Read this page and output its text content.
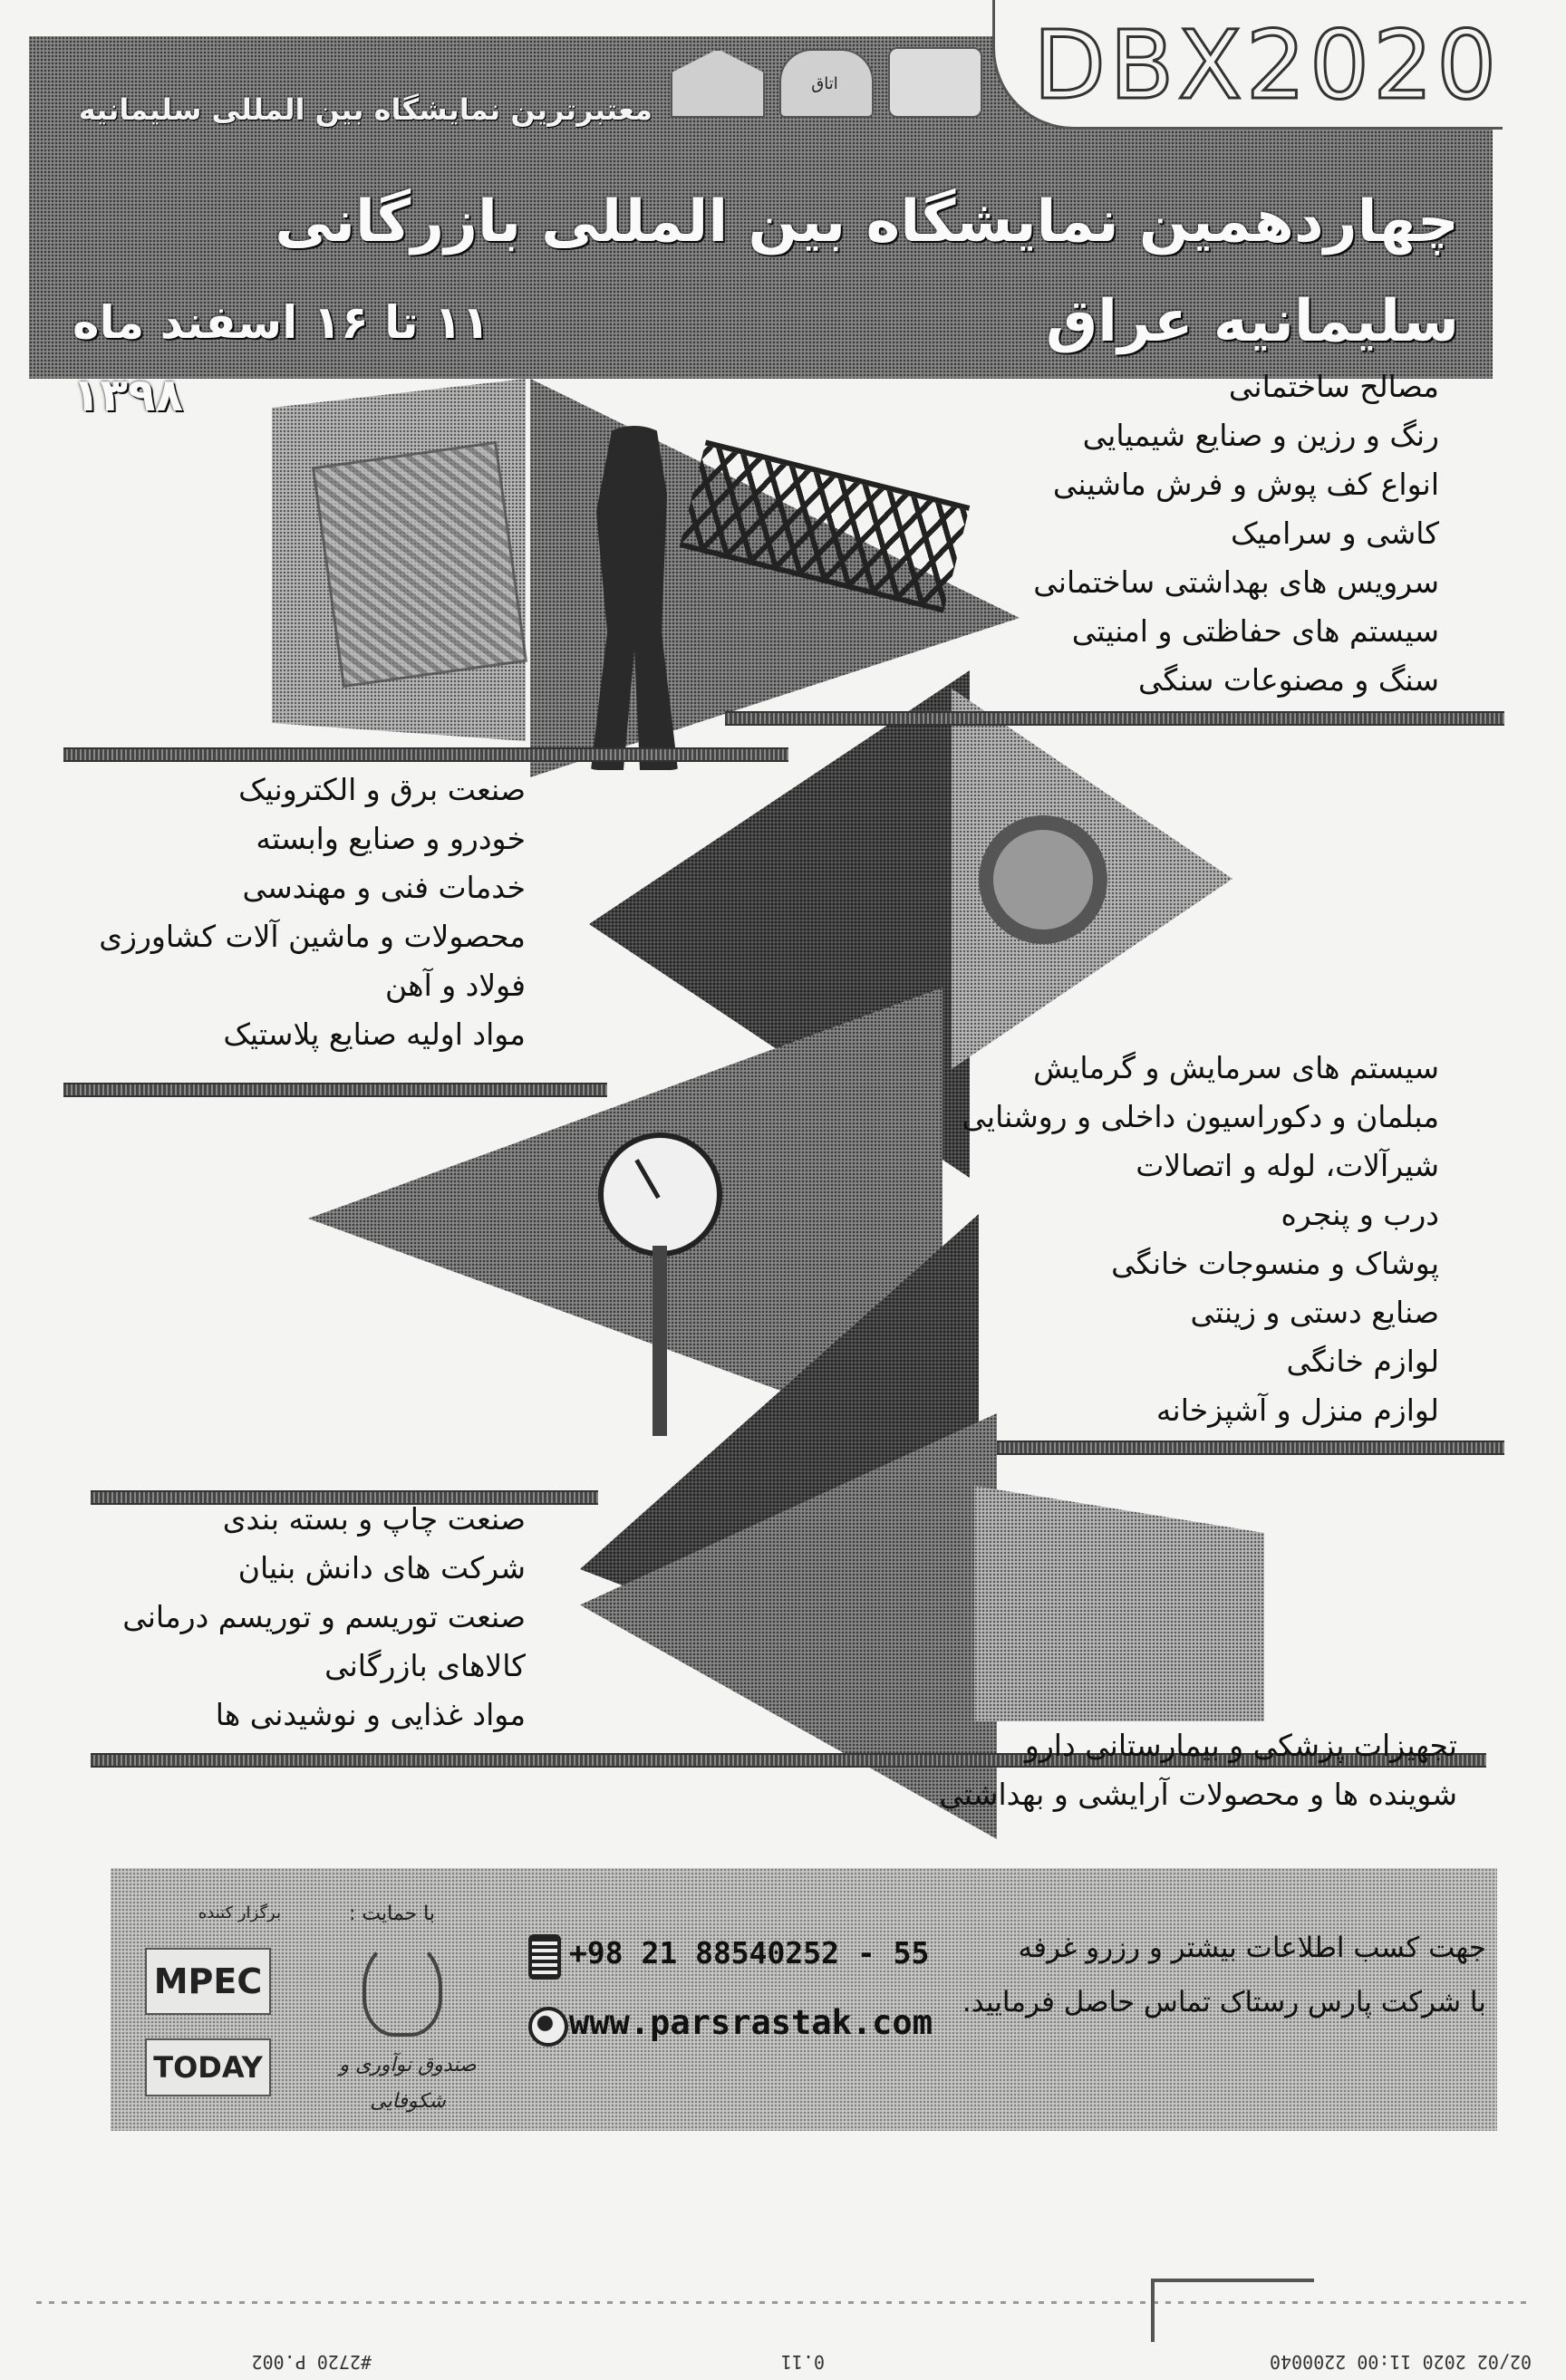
DBX2020
اتاق
معتبرترین نمایشگاه بین المللی سلیمانیه
چهاردهمین نمایشگاه بین المللی بازرگانی سلیمانیه عراق
۱۱ تا ۱۶ اسفند ماه ۱۳۹۸	مصالح ساختمانی
رنگ و رزین و صنایع شیمیایی
انواع کف پوش و فرش ماشینی
کاشی و سرامیک
سرویس های بهداشتی ساختمانی
سیستم های حفاظتی و امنیتی
سنگ و مصنوعات سنگی
صنعت برق و الکترونیک
خودرو و صنایع وابسته
خدمات فنی و مهندسی
محصولات و ماشین آلات کشاورزی
فولاد و آهن
مواد اولیه صنایع پلاستیک
سیستم های سرمایش و گرمایش
مبلمان و دکوراسیون داخلی و روشنایی
شیرآلات، لوله و اتصالات
درب و پنجره
پوشاک و منسوجات خانگی
صنایع دستی و زینتی
لوازم خانگی
لوازم منزل و آشپزخانه
صنعت چاپ و بسته بندی
شرکت های دانش بنیان
صنعت توریسم و توریسم درمانی
کالاهای بازرگانی
مواد غذایی و نوشیدنی ها
تجهیزات پزشکی و بیمارستانی دارو
شوینده ها و محصولات آرایشی و بهداشتی
برگزار کننده
MPEC
TODAY
با حمایت :
صندوق نوآوری و شکوفایی
+98 21 88540252 - 55
www.parsrastak.com
جهت کسب اطلاعات بیشتر و رزرو غرفه
با شرکت پارس رستاک تماس حاصل فرمایید.
#2720 P.002	0.11	02/02 2020 11:00 2200040
